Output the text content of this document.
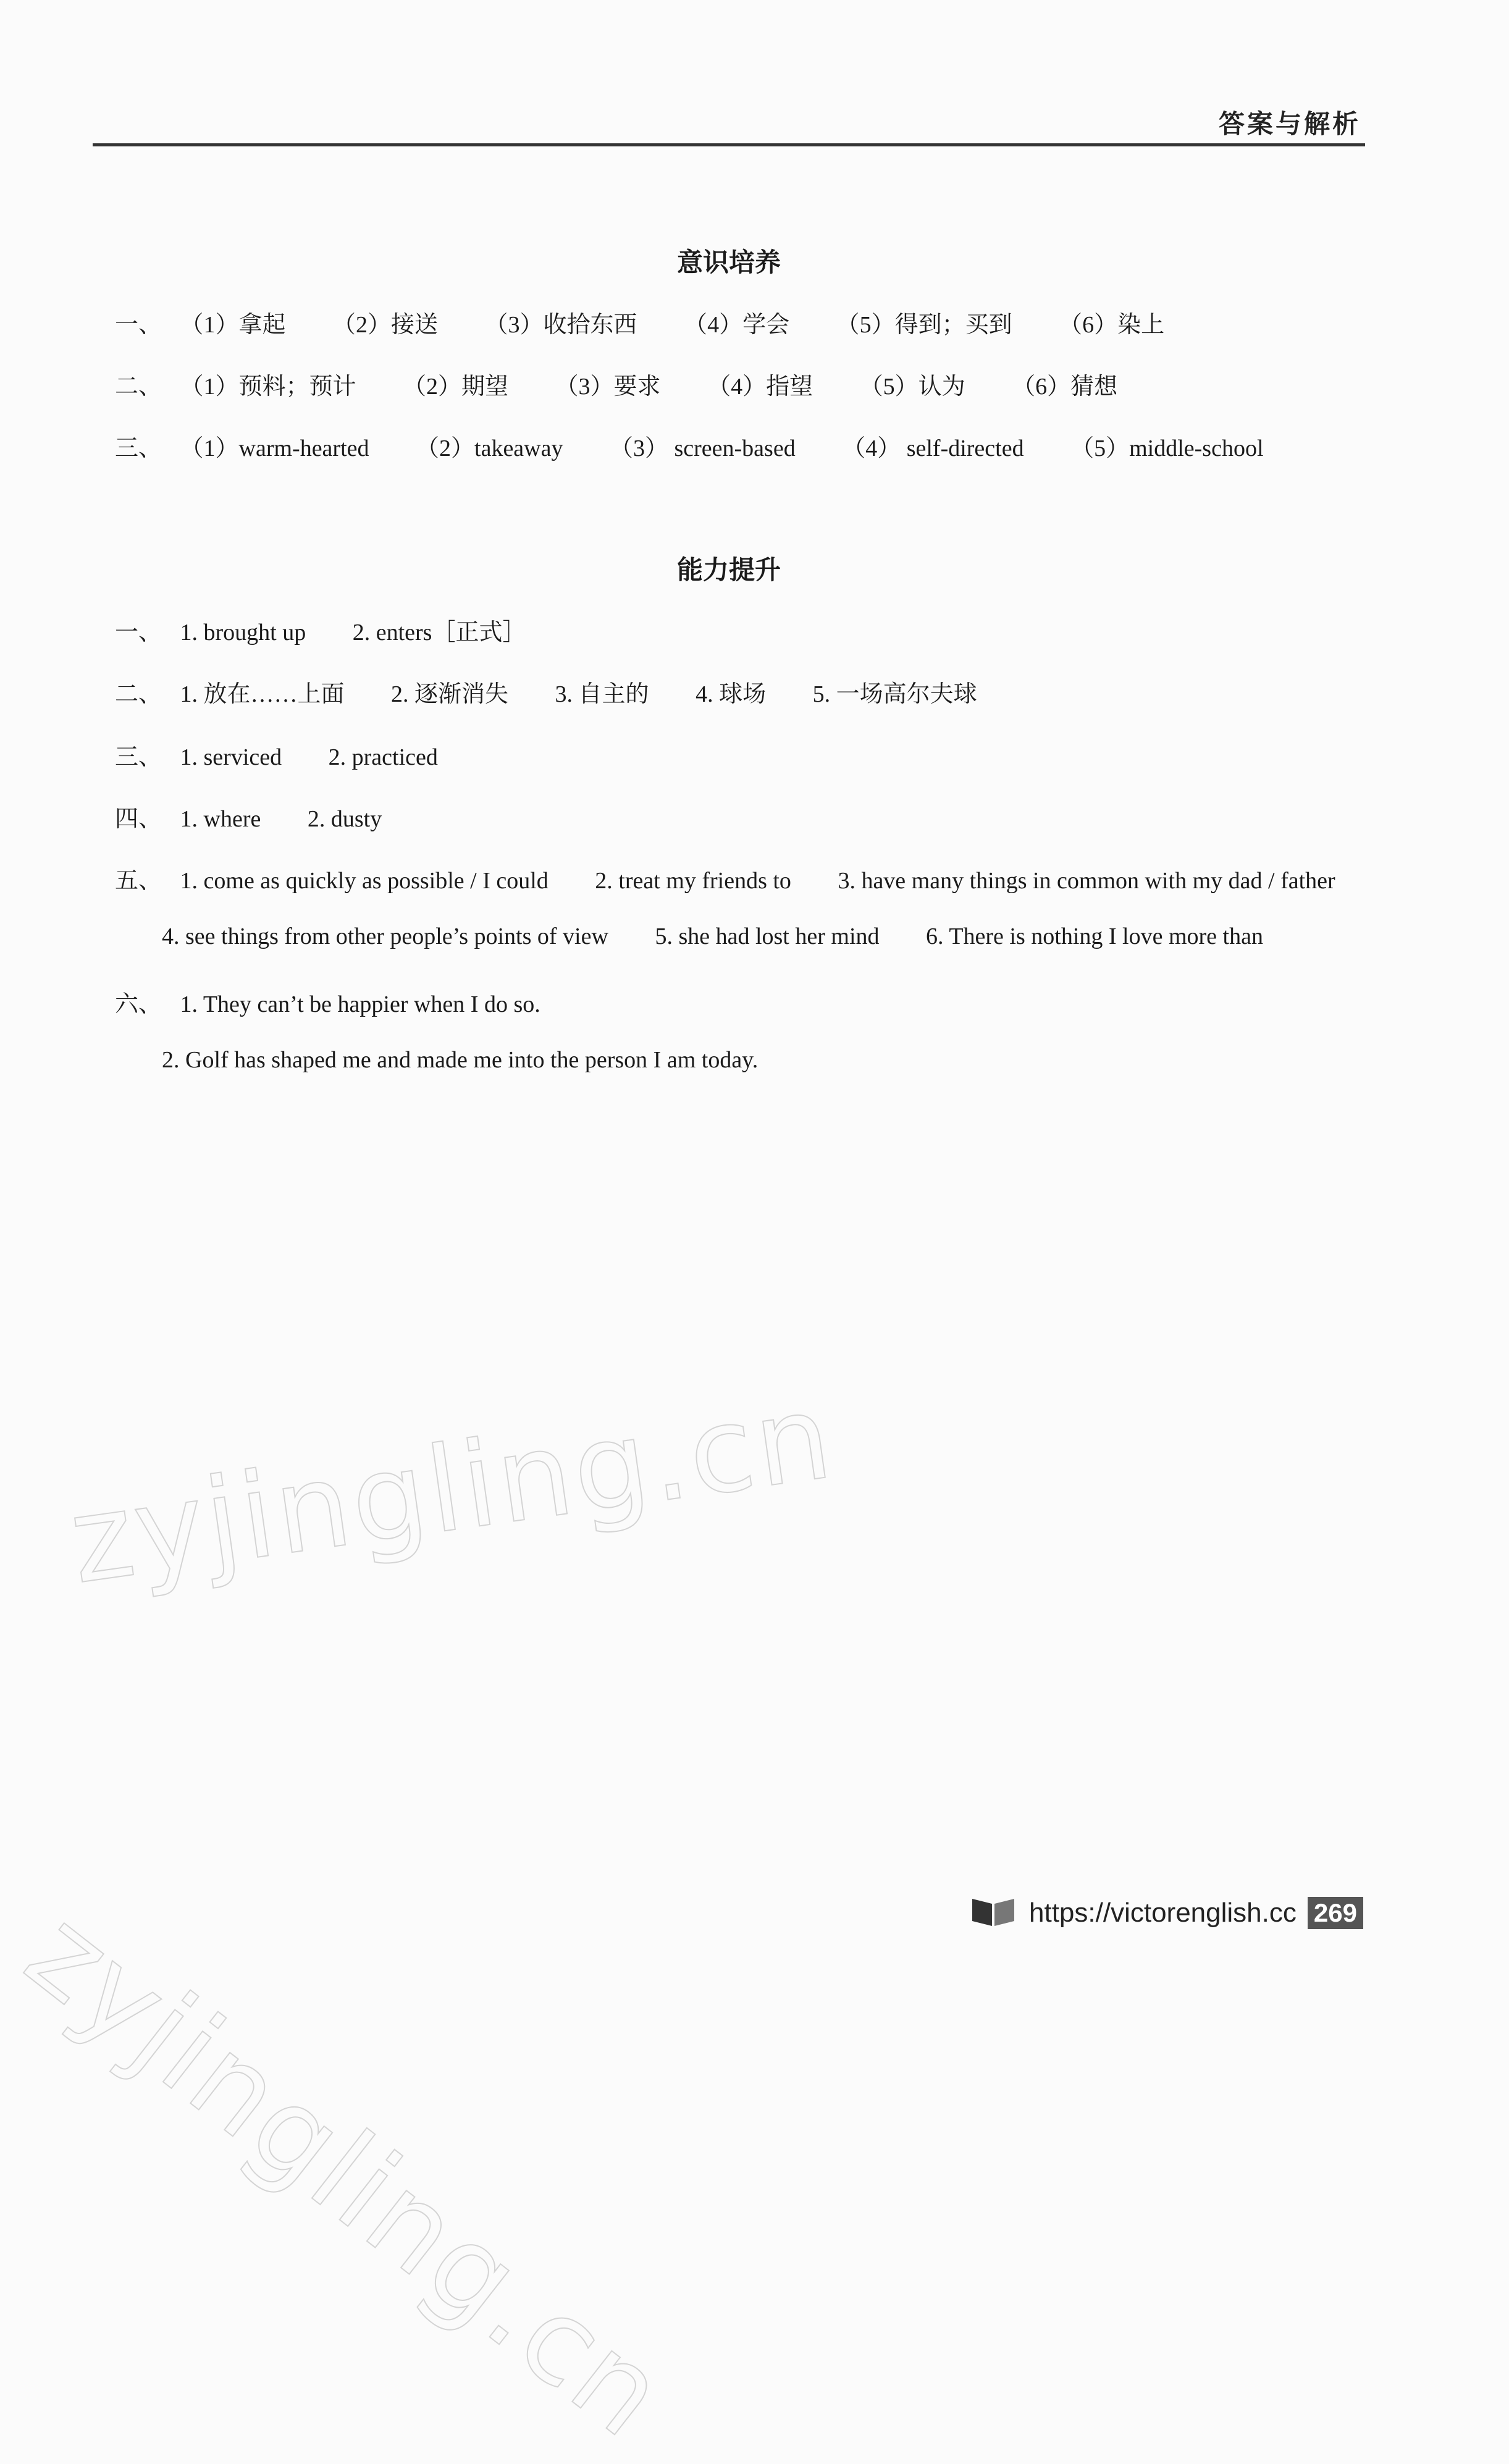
答案与解析
意识培养
一、 （1）拿起 （2）接送 （3）收拾东西 （4）学会 （5）得到；买到 （6）染上
二、 （1）预料；预计 （2）期望 （3）要求 （4）指望 （5）认为 （6）猜想
三、 （1）warm-hearted （2）takeaway （3） screen-based （4） self-directed （5）middle-school
能力提升
一、 1. brought up 2. enters［正式］
二、 1. 放在……上面 2. 逐渐消失 3. 自主的 4. 球场 5. 一场高尔夫球
三、 1. serviced 2. practiced
四、 1. where 2. dusty
五、 1. come as quickly as possible / I could 2. treat my friends to 3. have many things in common with my dad / father
4. see things from other people’s points of view 5. she had lost her mind 6. There is nothing I love more than
六、 1. They can’t be happier when I do so.
2. Golf has shaped me and made me into the person I am today.
zyjingling.cn
zyjingling.cn	https://victorenglish.cc 269
